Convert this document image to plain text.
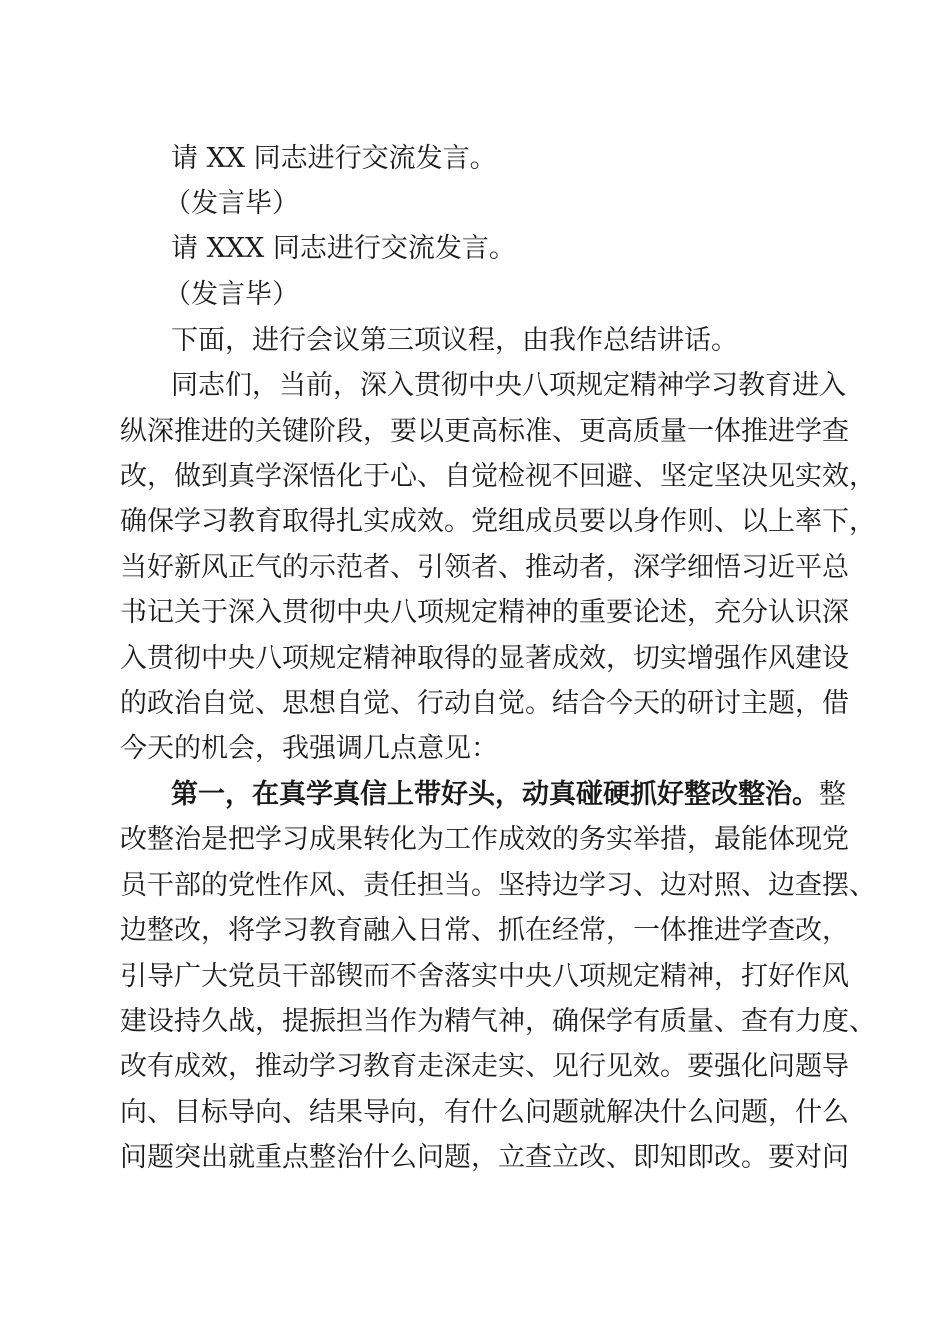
请 XX 同志进行交流发言。
（发言毕）
请 XXX 同志进行交流发言。
（发言毕）
下面，进行会议第三项议程，由我作总结讲话。
同志们，当前，深入贯彻中央八项规定精神学习教育进入
纵深推进的关键阶段，要以更高标准、更高质量一体推进学查
改，做到真学深悟化于心、自觉检视不回避、坚定坚决见实效，
确保学习教育取得扎实成效。党组成员要以身作则、以上率下，
当好新风正气的示范者、引领者、推动者，深学细悟习近平总
书记关于深入贯彻中央八项规定精神的重要论述，充分认识深
入贯彻中央八项规定精神取得的显著成效，切实增强作风建设
的政治自觉、思想自觉、行动自觉。结合今天的研讨主题，借
今天的机会，我强调几点意见：
第一，在真学真信上带好头，动真碰硬抓好整改整治。整
改整治是把学习成果转化为工作成效的务实举措，最能体现党
员干部的党性作风、责任担当。坚持边学习、边对照、边查摆、
边整改，将学习教育融入日常、抓在经常，一体推进学查改，
引导广大党员干部锲而不舍落实中央八项规定精神，打好作风
建设持久战，提振担当作为精气神，确保学有质量、查有力度、
改有成效，推动学习教育走深走实、见行见效。要强化问题导
向、目标导向、结果导向，有什么问题就解决什么问题，什么
问题突出就重点整治什么问题，立查立改、即知即改。要对问
